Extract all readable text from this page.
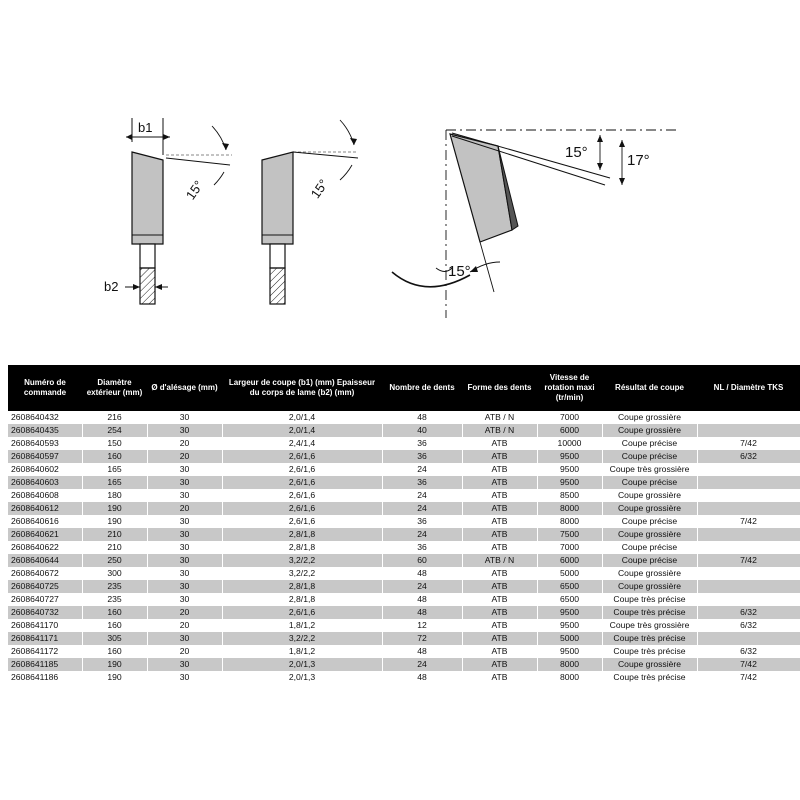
b1
b2
15°	15°
15°	17°
15°
Numéro de commande	Diamètre extérieur (mm)	Ø d'alésage (mm)	Largeur de coupe (b1) (mm) Epaisseur du corps de lame (b2) (mm)	Nombre de dents	Forme des dents	Vitesse de rotation maxi (tr/min)	Résultat de coupe	NL / Diamètre TKS
2608640432	216	30	2,0/1,4	48	ATB / N	7000	Coupe grossière	
2608640435	254	30	2,0/1,4	40	ATB / N	6000	Coupe grossière	
2608640593	150	20	2,4/1,4	36	ATB	10000	Coupe précise	7/42
2608640597	160	20	2,6/1,6	36	ATB	9500	Coupe précise	6/32
2608640602	165	30	2,6/1,6	24	ATB	9500	Coupe très grossière	
2608640603	165	30	2,6/1,6	36	ATB	9500	Coupe précise	
2608640608	180	30	2,6/1,6	24	ATB	8500	Coupe grossière	
2608640612	190	20	2,6/1,6	24	ATB	8000	Coupe grossière	
2608640616	190	30	2,6/1,6	36	ATB	8000	Coupe précise	7/42
2608640621	210	30	2,8/1,8	24	ATB	7500	Coupe grossière	
2608640622	210	30	2,8/1,8	36	ATB	7000	Coupe précise	
2608640644	250	30	3,2/2,2	60	ATB / N	6000	Coupe précise	7/42
2608640672	300	30	3,2/2,2	48	ATB	5000	Coupe grossière	
2608640725	235	30	2,8/1,8	24	ATB	6500	Coupe grossière	
2608640727	235	30	2,8/1,8	48	ATB	6500	Coupe très précise	
2608640732	160	20	2,6/1,6	48	ATB	9500	Coupe très précise	6/32
2608641170	160	20	1,8/1,2	12	ATB	9500	Coupe très grossière	6/32
2608641171	305	30	3,2/2,2	72	ATB	5000	Coupe très précise	
2608641172	160	20	1,8/1,2	48	ATB	9500	Coupe très précise	6/32
2608641185	190	30	2,0/1,3	24	ATB	8000	Coupe grossière	7/42
2608641186	190	30	2,0/1,3	48	ATB	8000	Coupe très précise	7/42
